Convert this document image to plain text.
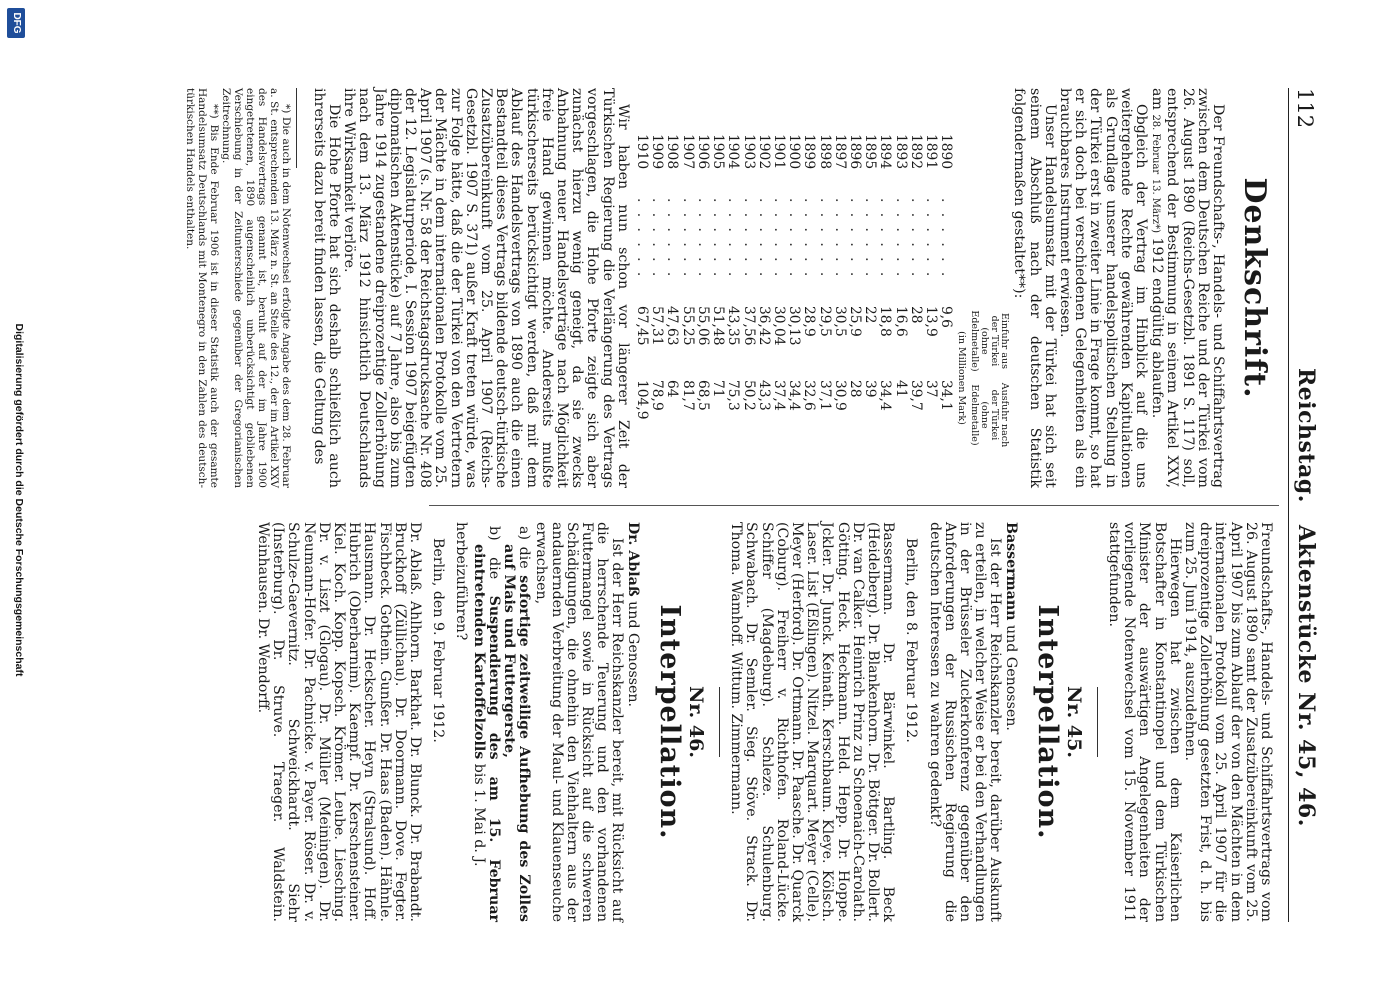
112
Reichstag.Aktenstücke Nr. 45, 46.
Denkschrift.

Der Freundschafts-, Handels- und Schiffahrtsvertrag zwischen dem Deutschen Reiche und der Türkei vom 26. August 1890 (Reichs-Gesetzbl. 1891 S. 117) soll, entsprechend der Bestimmung in seinem Artikel XXV, am 28. Februar 13. März*) 1912 endgültig ablaufen.

Obgleich der Vertrag im Hinblick auf die uns weitergehende Rechte gewährenden Kapitulationen als Grundlage unserer handelspolitischen Stellung in der Türkei erst in zweiter Linie in Frage kommt, so hat er sich doch bei verschiedenen Gelegenheiten als ein brauchbares Instrument erwiesen.

Unser Handelsumsatz mit der Türkei hat sich seit seinem Abschluß nach der deutschen Statistik folgendermaßen gestaltet**):

		Einfuhr aus der Türkei (ohne Edelmetalle)	Ausfuhr nach der Türkei (ohne Edelmetalle)
		(in Millionen Mark)	
1890	. . . . . .	9,6	34,1
1891	. . . . . .	13,9	37
1892	. . . . . .	28	39,7
1893	. . . . . .	16,6	41
1894	. . . . . .	18,8	34,4
1895	. . . . . .	22	39
1896	. . . . . .	25,9	28
1897	. . . . . .	30,5	30,9
1898	. . . . . .	29,5	37,1
1899	. . . . . .	28,9	32,6
1900	. . . . . .	30,13	34,4
1901	. . . . . .	30,04	37,4
1902	. . . . . .	36,42	43,3
1903	. . . . . .	37,56	50,2
1904	. . . . . .	43,35	75,3
1905	. . . . . .	51,48	71
1906	. . . . . .	55,06	68,5
1907	. . . . . .	55,25	81,7
1908	. . . . . .	47,63	64
1909	. . . . . .	57,31	78,9
1910	. . . . . .	67,45	104,9

Wir haben nun schon vor längerer Zeit der Türkischen Regierung die Verlängerung des Vertrags vorgeschlagen, die Hohe Pforte zeigte sich aber zunächst hierzu wenig geneigt, da sie zwecks Anbahnung neuer Handelsverträge nach Möglichkeit freie Hand gewinnen möchte. Anderseits mußte türkischerseits berücksichtigt werden, daß mit dem Ablauf des Handelsvertrags von 1890 auch die einen Bestandteil dieses Vertrags bildende deutsch-türkische Zusatzübereinkunft vom 25. April 1907 (Reichs-Gesetzbl. 1907 S. 371) außer Kraft treten würde, was zur Folge hätte, daß die der Türkei von den Vertretern der Mächte in dem internationalen Protokolle vom 25. April 1907 (s. Nr. 58 der Reichstagsdrucksache Nr. 408 der 12. Legislaturperiode, I. Session 1907 beigefügten diplomatischen Aktenstücke) auf 7 Jahre, also bis zum Jahre 1914 zugestandene dreiprozentige Zollerhöhung nach dem 13. März 1912 hinsichtlich Deutschlands ihre Wirksamkeit verlöre.

Die Hohe Pforte hat sich deshalb schließlich auch ihrerseits dazu bereit finden lassen, die Geltung des

*) Die auch in dem Notenwechsel erfolgte Angabe des dem 28. Februar a. St. entsprechenden 13. März n. St. an Stelle des 12., der im Artikel XXV des Handelsvertrags genannt ist, beruht auf der im Jahre 1900 eingetretenen, 1890 augenscheinlich unberücksichtigt gebliebenen Verschiebung in der Zeitunterschiede gegenüber der Gregorianischen Zeitrechnung.

**) Bis Ende Februar 1906 ist in dieser Statistik auch der gesamte Handelsumsatz Deutschlands mit Montenegro in den Zahlen des deutsch-türkischen Handels enthalten.

Freundschafts-, Handels- und Schiffahrtsvertrags vom 26. August 1890 samt der Zusatzübereinkunft vom 25. April 1907 bis zum Ablauf der von den Mächten in dem internationalen Protokoll vom 25. April 1907 für die dreiprozentige Zollerhöhung gesetzten Frist, d. h. bis zum 25. Juni 1914, auszudehnen.

Hierwegen hat zwischen dem Kaiserlichen Botschafter in Konstantinopel und dem Türkischen Minister der auswärtigen Angelegenheiten der vorliegende Notenwechsel vom 15. November 1911 stattgefunden.

Nr. 45.
Interpellation.

Bassermann und Genossen.

Ist der Herr Reichskanzler bereit, darüber Auskunft zu erteilen, in welcher Weise er bei den Verhandlungen in der Brüsseler Zuckerkonferenz gegenüber den Anforderungen der Russischen Regierung die deutschen Interessen zu wahren gedenkt?

Berlin, den 8. Februar 1912.

Bassermann. Dr. Bärwinkel. Bartling. Beck (Heidelberg). Dr. Blankenhorn. Dr. Böttger. Dr. Bollert. Dr. van Calker. Heinrich Prinz zu Schoenaich-Carolath. Götting. Heck. Heckmann. Held. Hepp. Dr. Hoppe. Jckler. Dr. Junck. Keinath. Kerschbaum. Kleye. Kölsch. Laser. List (Eßlingen). Nitzel. Marquart. Meyer (Celle). Meyer (Herford). Dr. Ortmann. Dr. Paasche. Dr. Quarck (Coburg). Freiherr v. Richthofen. Roland-Lücke. Schiffer (Magdeburg). Schleze. Schulenburg. Schwabach. Dr. Semler. Sieg. Stöve. Strack. Dr. Thoma. Wamhoff. Wittum. Zimmermann.

Nr. 46.
Interpellation.

Dr. Ablaß und Genossen.

Ist der Herr Reichskanzler bereit, mit Rücksicht auf die herrschende Teuerung und den vorhandenen Futtermangel sowie in Rücksicht auf die schweren Schädigungen, die ohnehin den Viehhaltern aus der andauernden Verbreitung der Maul- und Klauenseuche erwachsen,

a) die sofortige zeitweilige Aufhebung des Zolles auf Mais und Futtergerste,

b) die Suspendierung des am 15. Februar eintretenden Kartoffelzolls bis 1. Mai d. J.

herbeizuführen?

Berlin, den 9. Februar 1912.

Dr. Ablaß. Ahlhorn. Barkhat. Dr. Blunck. Dr. Brabandt. Bruckhoff (Züllichau). Dr. Doormann. Dove. Fegter. Fischbeck. Gothein. Gunßer. Dr. Haas (Baden). Hähnle. Hausmann. Dr. Heckscher. Heyn (Stralsund). Hoff. Hubrich (Oberbarnim). Kaempf. Dr. Kerschensteiner. Kiel. Koch. Kopp. Kopsch. Krömer. Leube. Liesching. Dr. v. Liszt (Glogau). Dr. Müller (Meiningen). Dr. Neumann-Hofer. Dr. Pachnicke. v. Payer. Röser. Dr. v. Schulze-Gaevernitz. Schweickhardt. Siehr (Insterburg). Dr. Struve. Traeger. Waldstein. Weinhausen. Dr. Wendorff.

DFG
Digitalisierung gefördert durch die Deutsche Forschungsgemeinschaft
